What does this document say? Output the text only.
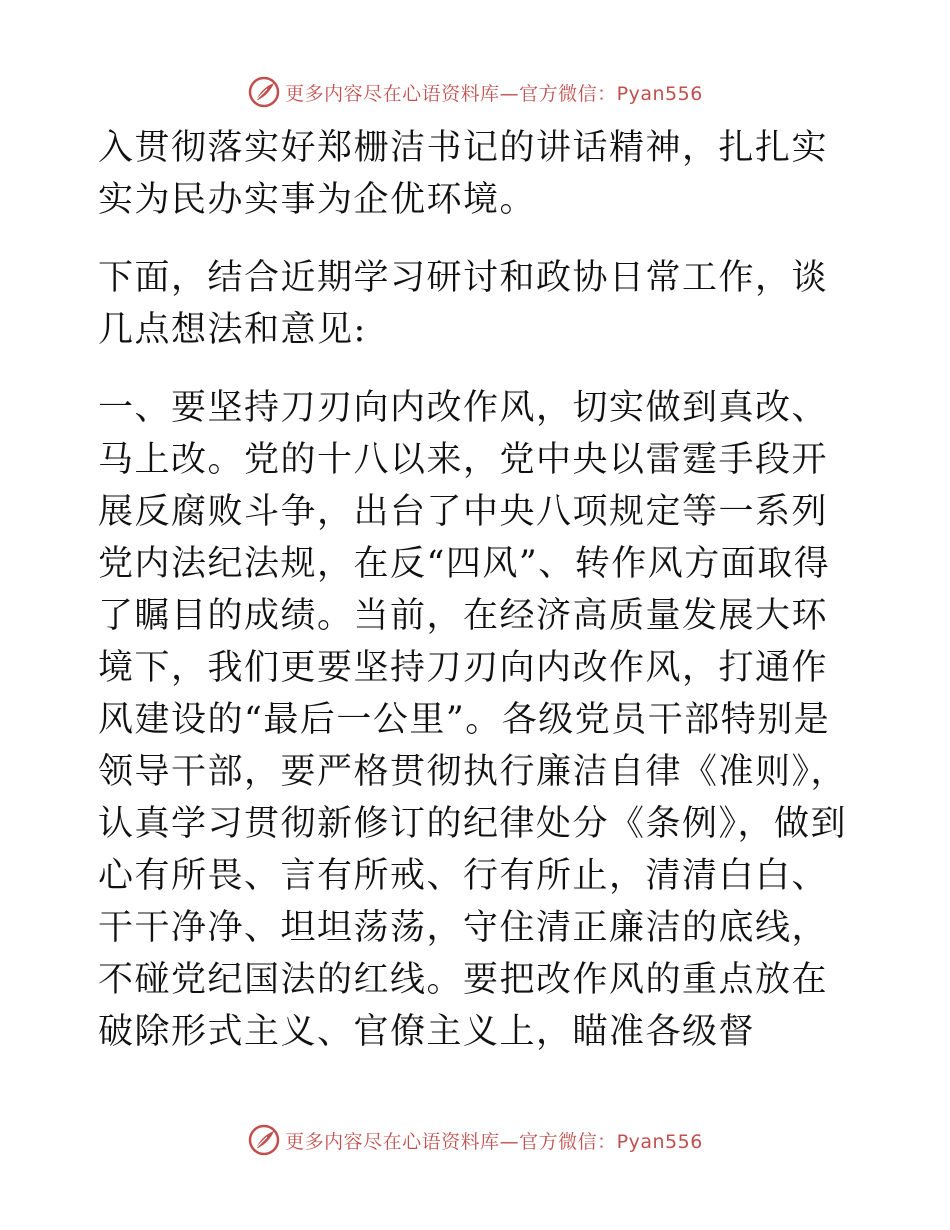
更多内容尽在心语资料库—官方微信：Pyan556

入贯彻落实好郑栅洁书记的讲话精神，扎扎实实为民办实事为企优环境。

下面，结合近期学习研讨和政协日常工作，谈几点想法和意见:

一、要坚持刀刃向内改作风，切实做到真改、马上改。党的十八以来，党中央以雷霆手段开展反腐败斗争，出台了中央八项规定等一系列党内法纪法规，在反“四风”、转作风方面取得了瞩目的成绩。当前，在经济高质量发展大环境下，我们更要坚持刀刃向内改作风，打通作风建设的“最后一公里”。各级党员干部特别是领导干部，要严格贯彻执行廉洁自律《准则》，认真学习贯彻新修订的纪律处分《条例》，做到心有所畏、言有所戒、行有所止，清清白白、干干净净、坦坦荡荡，守住清正廉洁的底线，不碰党纪国法的红线。要把改作风的重点放在破除形式主义、官僚主义上，瞄准各级督

更多内容尽在心语资料库—官方微信：Pyan556
